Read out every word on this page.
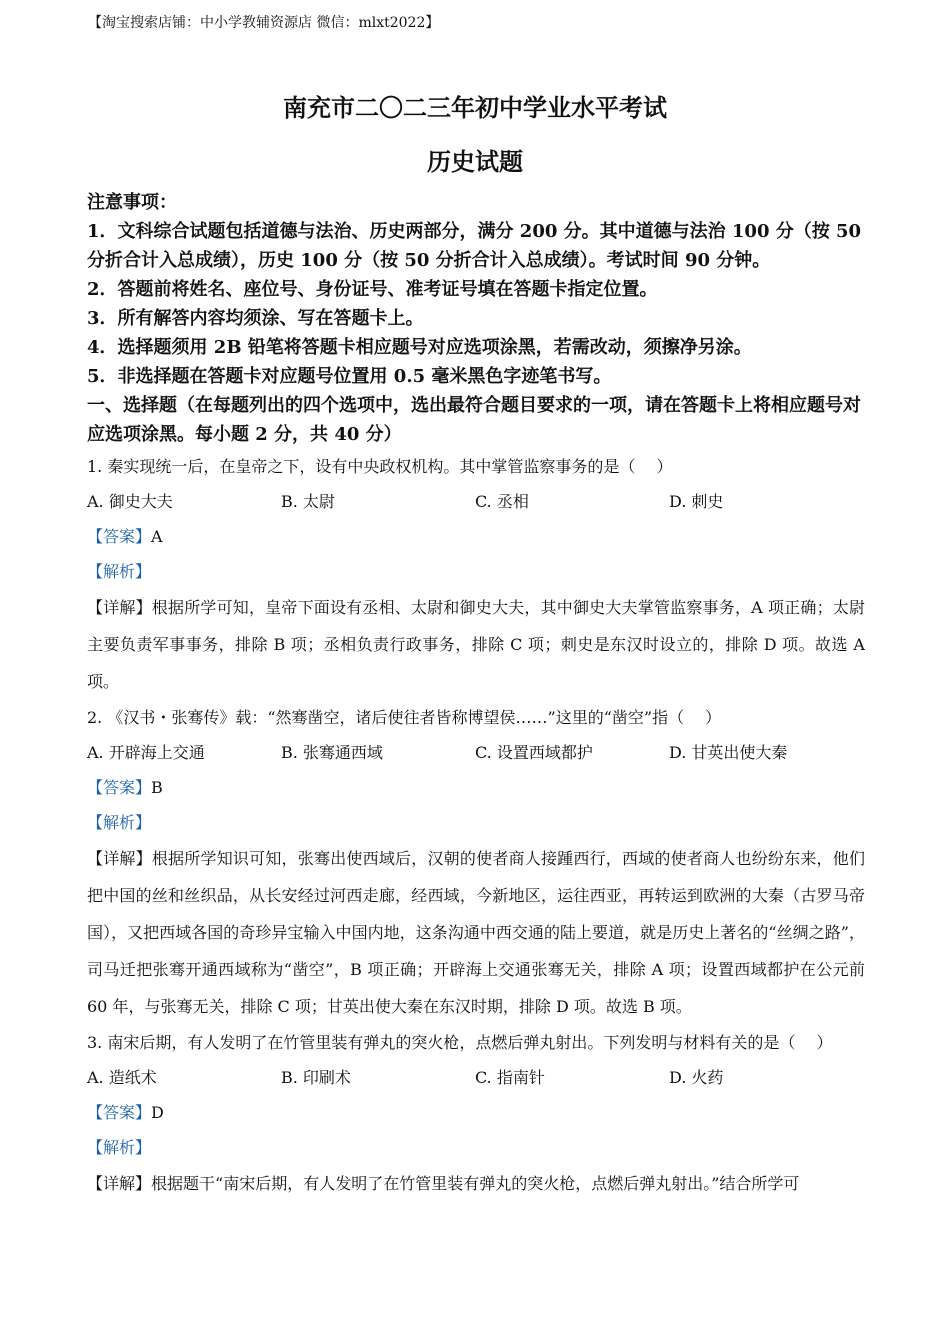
【淘宝搜索店铺：中小学教辅资源店 微信：mlxt2022】
南充市二〇二三年初中学业水平考试
历史试题
注意事项：
1．文科综合试题包括道德与法治、历史两部分，满分 200 分。其中道德与法治 100 分（按 50 分折合计入总成绩），历史 100 分（按 50 分折合计入总成绩）。考试时间 90 分钟。
2．答题前将姓名、座位号、身份证号、准考证号填在答题卡指定位置。
3．所有解答内容均须涂、写在答题卡上。
4．选择题须用 2B 铅笔将答题卡相应题号对应选项涂黑，若需改动，须擦净另涂。
5．非选择题在答题卡对应题号位置用 0.5 毫米黑色字迹笔书写。
一、选择题（在每题列出的四个选项中，选出最符合题目要求的一项，请在答题卡上将相应题号对应选项涂黑。每小题 2 分，共 40 分）
1. 秦实现统一后，在皇帝之下，设有中央政权机构。其中掌管监察事务的是（　 ）
A. 御史大夫	B. 太尉	C. 丞相	D. 刺史
【答案】A
【解析】
【详解】根据所学可知，皇帝下面设有丞相、太尉和御史大夫，其中御史大夫掌管监察事务，A 项正确；太尉主要负责军事事务，排除 B 项；丞相负责行政事务，排除 C 项；刺史是东汉时设立的，排除 D 项。故选 A 项。
2. 《汉书・张骞传》载：“然骞凿空，诸后使往者皆称博望侯……”这里的“凿空”指（　 ）
A. 开辟海上交通	B. 张骞通西域	C. 设置西域都护	D. 甘英出使大秦
【答案】B
【解析】
【详解】根据所学知识可知，张骞出使西域后，汉朝的使者商人接踵西行，西域的使者商人也纷纷东来，他们把中国的丝和丝织品，从长安经过河西走廊，经西域，今新地区，运往西亚，再转运到欧洲的大秦（古罗马帝国），又把西域各国的奇珍异宝输入中国内地，这条沟通中西交通的陆上要道，就是历史上著名的“丝绸之路”，司马迁把张骞开通西域称为“凿空”，B 项正确；开辟海上交通张骞无关，排除 A 项；设置西域都护在公元前 60 年，与张骞无关，排除 C 项；甘英出使大秦在东汉时期，排除 D 项。故选 B 项。
3. 南宋后期，有人发明了在竹管里装有弹丸的突火枪，点燃后弹丸射出。下列发明与材料有关的是（　 ）
A. 造纸术	B. 印刷术	C. 指南针	D. 火药
【答案】D
【解析】
【详解】根据题干“南宋后期，有人发明了在竹管里装有弹丸的突火枪，点燃后弹丸射出。”结合所学可
